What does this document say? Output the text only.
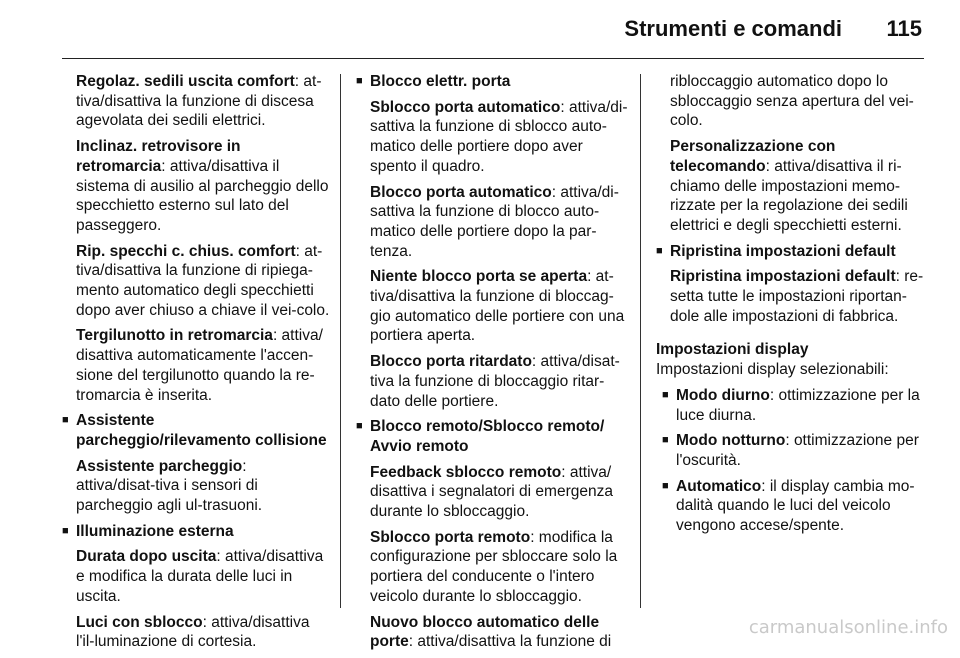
Strumenti e comandi 115

Regolaz. sedili uscita comfort: at-tiva/disattiva la funzione di discesa agevolata dei sedili elettrici.

Inclinaz. retrovisore in retromarcia: attiva/disattiva il sistema di ausilio al parcheggio dello specchietto esterno sul lato del passeggero.

Rip. specchi c. chius. comfort: at-tiva/disattiva la funzione di ripiega-mento automatico degli specchietti dopo aver chiuso a chiave il vei-colo.

Tergilunotto in retromarcia: attiva/ disattiva automaticamente l'accen-sione del tergilunotto quando la re-tromarcia è inserita.

■ Assistente parcheggio/rilevamento collisione

Assistente parcheggio: attiva/disat-tiva i sensori di parcheggio agli ul-trasuoni.

■ Illuminazione esterna

Durata dopo uscita: attiva/disattiva e modifica la durata delle luci in uscita.

Luci con sblocco: attiva/disattiva l'il-luminazione di cortesia.

■ Blocco elettr. porta

Sblocco porta automatico: attiva/di-sattiva la funzione di sblocco auto-matico delle portiere dopo aver spento il quadro.

Blocco porta automatico: attiva/di-sattiva la funzione di blocco auto-matico delle portiere dopo la par-tenza.

Niente blocco porta se aperta: at-tiva/disattiva la funzione di bloccag-gio automatico delle portiere con una portiera aperta.

Blocco porta ritardato: attiva/disat-tiva la funzione di bloccaggio ritar-dato delle portiere.

■ Blocco remoto/Sblocco remoto/ Avvio remoto

Feedback sblocco remoto: attiva/ disattiva i segnalatori di emergenza durante lo sbloccaggio.

Sblocco porta remoto: modifica la configurazione per sbloccare solo la portiera del conducente o l'intero veicolo durante lo sbloccaggio.

Nuovo blocco automatico delle porte: attiva/disattiva la funzione di

ribloccaggio automatico dopo lo sbloccaggio senza apertura del vei-colo.

Personalizzazione con telecomando: attiva/disattiva il ri-chiamo delle impostazioni memo-rizzate per la regolazione dei sedili elettrici e degli specchietti esterni.

■ Ripristina impostazioni default

Ripristina impostazioni default: re-setta tutte le impostazioni riportan-dole alle impostazioni di fabbrica.

Impostazioni display

Impostazioni display selezionabili:

■ Modo diurno: ottimizzazione per la luce diurna.
■ Modo notturno: ottimizzazione per l'oscurità.
■ Automatico: il display cambia mo-dalità quando le luci del veicolo vengono accese/spente.
carmanualsonline.info
